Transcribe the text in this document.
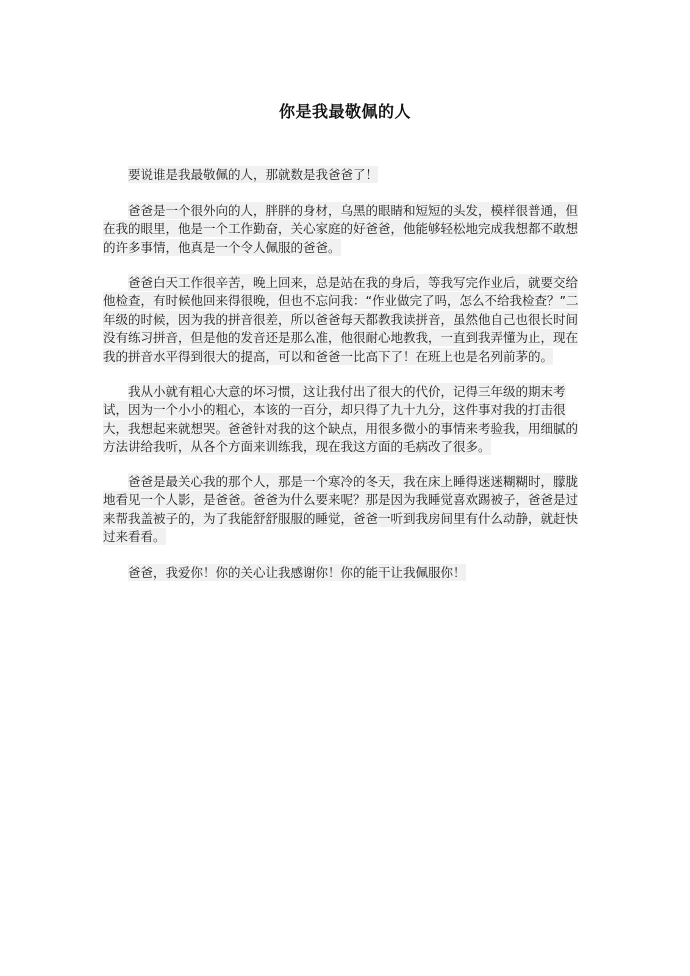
你是我最敬佩的人
要说谁是我最敬佩的人，那就数是我爸爸了！
爸爸是一个很外向的人，胖胖的身材，乌黑的眼睛和短短的头发，模样很普通，但在我的眼里，他是一个工作勤奋，关心家庭的好爸爸，他能够轻松地完成我想都不敢想的许多事情，他真是一个令人佩服的爸爸。
爸爸白天工作很辛苦，晚上回来，总是站在我的身后，等我写完作业后，就要交给他检查，有时候他回来得很晚，但也不忘问我：“作业做完了吗，怎么不给我检查？”二年级的时候，因为我的拼音很差，所以爸爸每天都教我读拼音，虽然他自己也很长时间没有练习拼音，但是他的发音还是那么准，他很耐心地教我，一直到我弄懂为止，现在我的拼音水平得到很大的提高，可以和爸爸一比高下了！在班上也是名列前茅的。
我从小就有粗心大意的坏习惯，这让我付出了很大的代价，记得三年级的期末考试，因为一个小小的粗心，本该的一百分，却只得了九十九分，这件事对我的打击很大，我想起来就想哭。爸爸针对我的这个缺点，用很多微小的事情来考验我，用细腻的方法讲给我听，从各个方面来训练我，现在我这方面的毛病改了很多。
爸爸是最关心我的那个人，那是一个寒冷的冬天，我在床上睡得迷迷糊糊时，朦胧地看见一个人影，是爸爸。爸爸为什么要来呢？那是因为我睡觉喜欢踢被子，爸爸是过来帮我盖被子的，为了我能舒舒服服的睡觉，爸爸一听到我房间里有什么动静，就赶快过来看看。
爸爸，我爱你！你的关心让我感谢你！你的能干让我佩服你！
